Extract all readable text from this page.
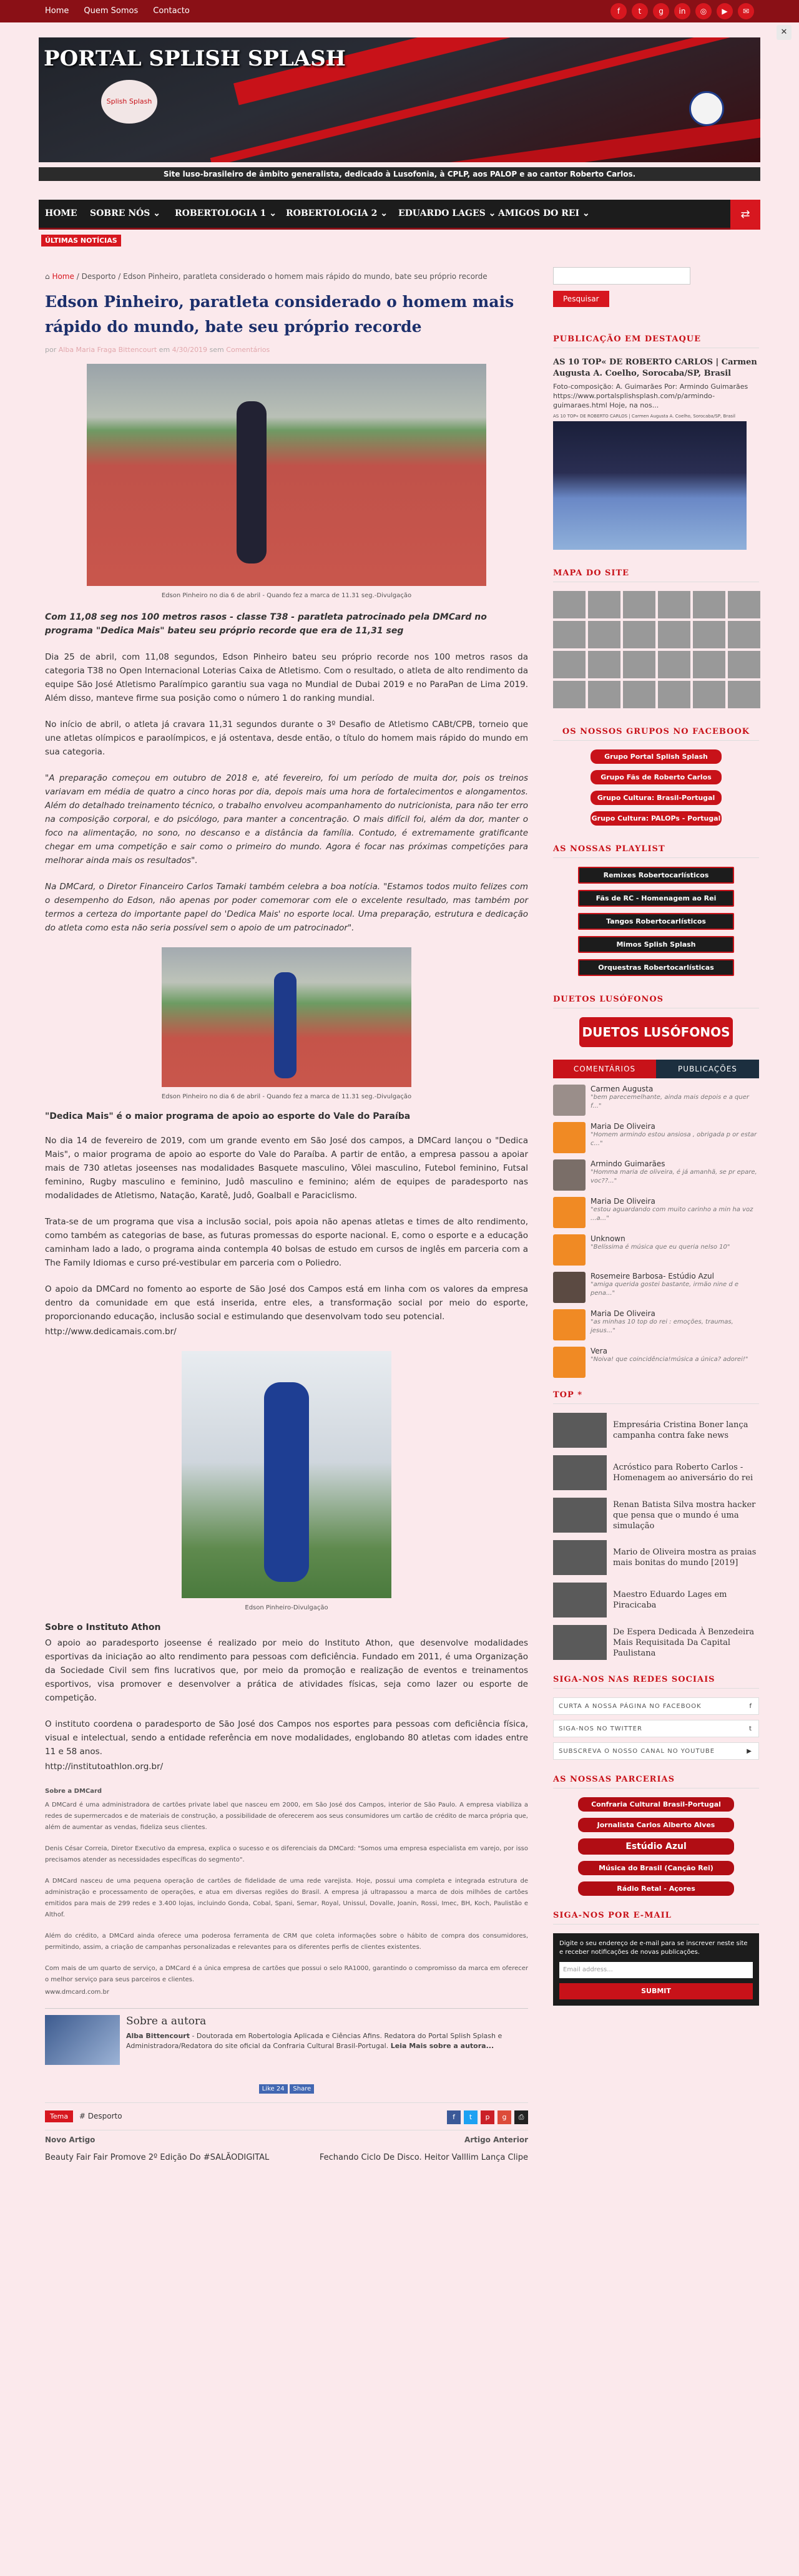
Home Quem Somos Contacto	f	t	g	in	◎	▶	✉
PORTAL SPLISH SPLASH
Splish Splash
Site luso-brasileiro de âmbito generalista, dedicado à Lusofonia, à CPLP, aos PALOP e ao cantor Roberto Carlos.
HOME SOBRE NÓS ⌄ ROBERTOLOGIA 1 ⌄ ROBERTOLOGIA 2 ⌄ EDUARDO LAGES ⌄ AMIGOS DO REI ⌄	⇄
ÚLTIMAS NOTÍCIAS
⌂ Home / Desporto / Edson Pinheiro, paratleta considerado o homem mais rápido do mundo, bate seu próprio recorde
Edson Pinheiro, paratleta considerado o homem mais rápido do mundo, bate seu próprio recorde
por Alba Maria Fraga Bittencourt em 4/30/2019 sem Comentários
Edson Pinheiro no dia 6 de abril - Quando fez a marca de 11.31 seg.-Divulgação

Com 11,08 seg nos 100 metros rasos - classe T38 - paratleta patrocinado pela DMCard no programa "Dedica Mais" bateu seu próprio recorde que era de 11,31 seg

Dia 25 de abril, com 11,08 segundos, Edson Pinheiro bateu seu próprio recorde nos 100 metros rasos da categoria T38 no Open Internacional Loterias Caixa de Atletismo. Com o resultado, o atleta de alto rendimento da equipe São José Atletismo Paralímpico garantiu sua vaga no Mundial de Dubai 2019 e no ParaPan de Lima 2019. Além disso, manteve firme sua posição como o número 1 do ranking mundial.

No início de abril, o atleta já cravara 11,31 segundos durante o 3º Desafio de Atletismo CABt/CPB, torneio que une atletas olímpicos e paraolímpicos, e já ostentava, desde então, o título do homem mais rápido do mundo em sua categoria.

"A preparação começou em outubro de 2018 e, até fevereiro, foi um período de muita dor, pois os treinos variavam em média de quatro a cinco horas por dia, depois mais uma hora de fortalecimentos e alongamentos. Além do detalhado treinamento técnico, o trabalho envolveu acompanhamento do nutricionista, para não ter erro na composição corporal, e do psicólogo, para manter a concentração. O mais difícil foi, além da dor, manter o foco na alimentação, no sono, no descanso e a distância da família. Contudo, é extremamente gratificante chegar em uma competição e sair como o primeiro do mundo. Agora é focar nas próximas competições para melhorar ainda mais os resultados".

Na DMCard, o Diretor Financeiro Carlos Tamaki também celebra a boa notícia. "Estamos todos muito felizes com o desempenho do Edson, não apenas por poder comemorar com ele o excelente resultado, mas também por termos a certeza do importante papel do 'Dedica Mais' no esporte local. Uma preparação, estrutura e dedicação do atleta como esta não seria possível sem o apoio de um patrocinador".

Edson Pinheiro no dia 6 de abril - Quando fez a marca de 11.31 seg.-Divulgação

"Dedica Mais" é o maior programa de apoio ao esporte do Vale do Paraíba

No dia 14 de fevereiro de 2019, com um grande evento em São José dos campos, a DMCard lançou o "Dedica Mais", o maior programa de apoio ao esporte do Vale do Paraíba. A partir de então, a empresa passou a apoiar mais de 730 atletas joseenses nas modalidades Basquete masculino, Vôlei masculino, Futebol feminino, Futsal feminino, Rugby masculino e feminino, Judô masculino e feminino; além de equipes de paradesporto nas modalidades de Atletismo, Natação, Karatê, Judô, Goalball e Paraciclismo.

Trata-se de um programa que visa a inclusão social, pois apoia não apenas atletas e times de alto rendimento, como também as categorias de base, as futuras promessas do esporte nacional. E, como o esporte e a educação caminham lado a lado, o programa ainda contempla 40 bolsas de estudo em cursos de inglês em parceria com a The Family Idiomas e curso pré-vestibular em parceria com o Poliedro.

O apoio da DMCard no fomento ao esporte de São José dos Campos está em linha com os valores da empresa dentro da comunidade em que está inserida, entre eles, a transformação social por meio do esporte, proporcionando educação, inclusão social e estimulando que desenvolvam todo seu potencial.

http://www.dedicamais.com.br/

Edson Pinheiro-Divulgação

Sobre o Instituto Athon

O apoio ao paradesporto joseense é realizado por meio do Instituto Athon, que desenvolve modalidades esportivas da iniciação ao alto rendimento para pessoas com deficiência. Fundado em 2011, é uma Organização da Sociedade Civil sem fins lucrativos que, por meio da promoção e realização de eventos e treinamentos esportivos, visa promover e desenvolver a prática de atividades físicas, seja como lazer ou esporte de competição.

O instituto coordena o paradesporto de São José dos Campos nos esportes para pessoas com deficiência física, visual e intelectual, sendo a entidade referência em nove modalidades, englobando 80 atletas com idades entre 11 e 58 anos.

http://institutoathlon.org.br/

Sobre a DMCard

A DMCard é uma administradora de cartões private label que nasceu em 2000, em São José dos Campos, interior de São Paulo. A empresa viabiliza a redes de supermercados e de materiais de construção, a possibilidade de oferecerem aos seus consumidores um cartão de crédito de marca própria que, além de aumentar as vendas, fideliza seus clientes.

Denis César Correia, Diretor Executivo da empresa, explica o sucesso e os diferenciais da DMCard: "Somos uma empresa especialista em varejo, por isso precisamos atender as necessidades específicas do segmento".

A DMCard nasceu de uma pequena operação de cartões de fidelidade de uma rede varejista. Hoje, possui uma completa e integrada estrutura de administração e processamento de operações, e atua em diversas regiões do Brasil. A empresa já ultrapassou a marca de dois milhões de cartões emitidos para mais de 299 redes e 3.400 lojas, incluindo Gonda, Cobal, Spani, Semar, Royal, Unissul, Dovalle, Joanin, Rossi, Imec, BH, Koch, Paulistão e Althof.

Além do crédito, a DMCard ainda oferece uma poderosa ferramenta de CRM que coleta informações sobre o hábito de compra dos consumidores, permitindo, assim, a criação de campanhas personalizadas e relevantes para os diferentes perfis de clientes existentes.

Com mais de um quarto de serviço, a DMCard é a única empresa de cartões que possui o selo RA1000, garantindo o compromisso da marca em oferecer o melhor serviço para seus parceiros e clientes.

www.dmcard.com.br

Sobre a autora

Alba Bittencourt - Doutorada em Robertologia Aplicada e Ciências Afins. Redatora do Portal Splish Splash e Administradora/Redatora do site oficial da Confraria Cultural Brasil-Portugal. Leia Mais sobre a autora...

Like 24 Share
Tema # Desporto	f	t	p	g	⎙
Novo Artigo
Beauty Fair Fair Promove 2º Edição Do #SALÃODIGITAL
Artigo Anterior
Fechando Ciclo De Disco. Heitor Valllim Lança Clipe
Pesquisar
PUBLICAÇÃO EM DESTAQUE
AS 10 TOP« DE ROBERTO CARLOS | Carmen Augusta A. Coelho, Sorocaba/SP, Brasil
Foto-composição: A. Guimarães Por: Armindo Guimarães https://www.portalsplishsplash.com/p/armindo-guimaraes.html Hoje, na nos...
AS 10 TOP« DE ROBERTO CARLOS | Carmen Augusta A. Coelho, Sorocaba/SP, Brasil
MAPA DO SITE
OS NOSSOS GRUPOS NO FACEBOOK
Grupo Portal Splish Splash
Grupo Fãs de Roberto Carlos
Grupo Cultura: Brasil-Portugal
Grupo Cultura: PALOPs - Portugal
AS NOSSAS PLAYLIST
Remixes Robertocarlísticos
Fãs de RC - Homenagem ao Rei
Tangos Robertocarlísticos
Mimos Splish Splash
Orquestras Robertocarlísticas
DUETOS LUSÓFONOS
DUETOS LUSÓFONOS
COMENTÁRIOS	PUBLICAÇÕES
Carmen Augusta
"bem parecemelhante, ainda mais depois e a quer f..."
Maria De Oliveira
"Homem armindo estou ansiosa , obrigada p or estar c..."
Armindo Guimarães
"Homma maria de oliveira, é já amanhã, se pr epare, voc??..."
Maria De Oliveira
"estou aguardando com muito carinho a min ha voz ...a..."
Unknown
"Belíssima é música que eu queria nelso 10"
Rosemeire Barbosa- Estúdio Azul
"amiga querida gostei bastante, irmão nine d e pena..."
Maria De Oliveira
"as minhas 10 top do rei : emoções, traumas, jesus..."
Vera
"Noiva! que coincidência!música a única? adorei!"
TOP *
Empresária Cristina Boner lança campanha contra fake news
Acróstico para Roberto Carlos - Homenagem ao aniversário do rei
Renan Batista Silva mostra hacker que pensa que o mundo é uma simulação
Mario de Oliveira mostra as praias mais bonitas do mundo [2019]
Maestro Eduardo Lages em Piracicaba
De Espera Dedicada À Benzedeira Mais Requisitada Da Capital Paulistana
SIGA-NOS NAS REDES SOCIAIS
CURTA A NOSSA PÁGINA NO FACEBOOK	f
SIGA-NOS NO TWITTER	t
SUBSCREVA O NOSSO CANAL NO YOUTUBE	▶
AS NOSSAS PARCERIAS
Confraria Cultural Brasil-Portugal
Jornalista Carlos Alberto Alves
Estúdio Azul
Música do Brasil (Canção Rei)
Rádio Retal - Açores
SIGA-NOS POR E-MAIL
Digite o seu endereço de e-mail para se inscrever neste site e receber notificações de novas publicações.
Email address...
SUBMIT
✕
